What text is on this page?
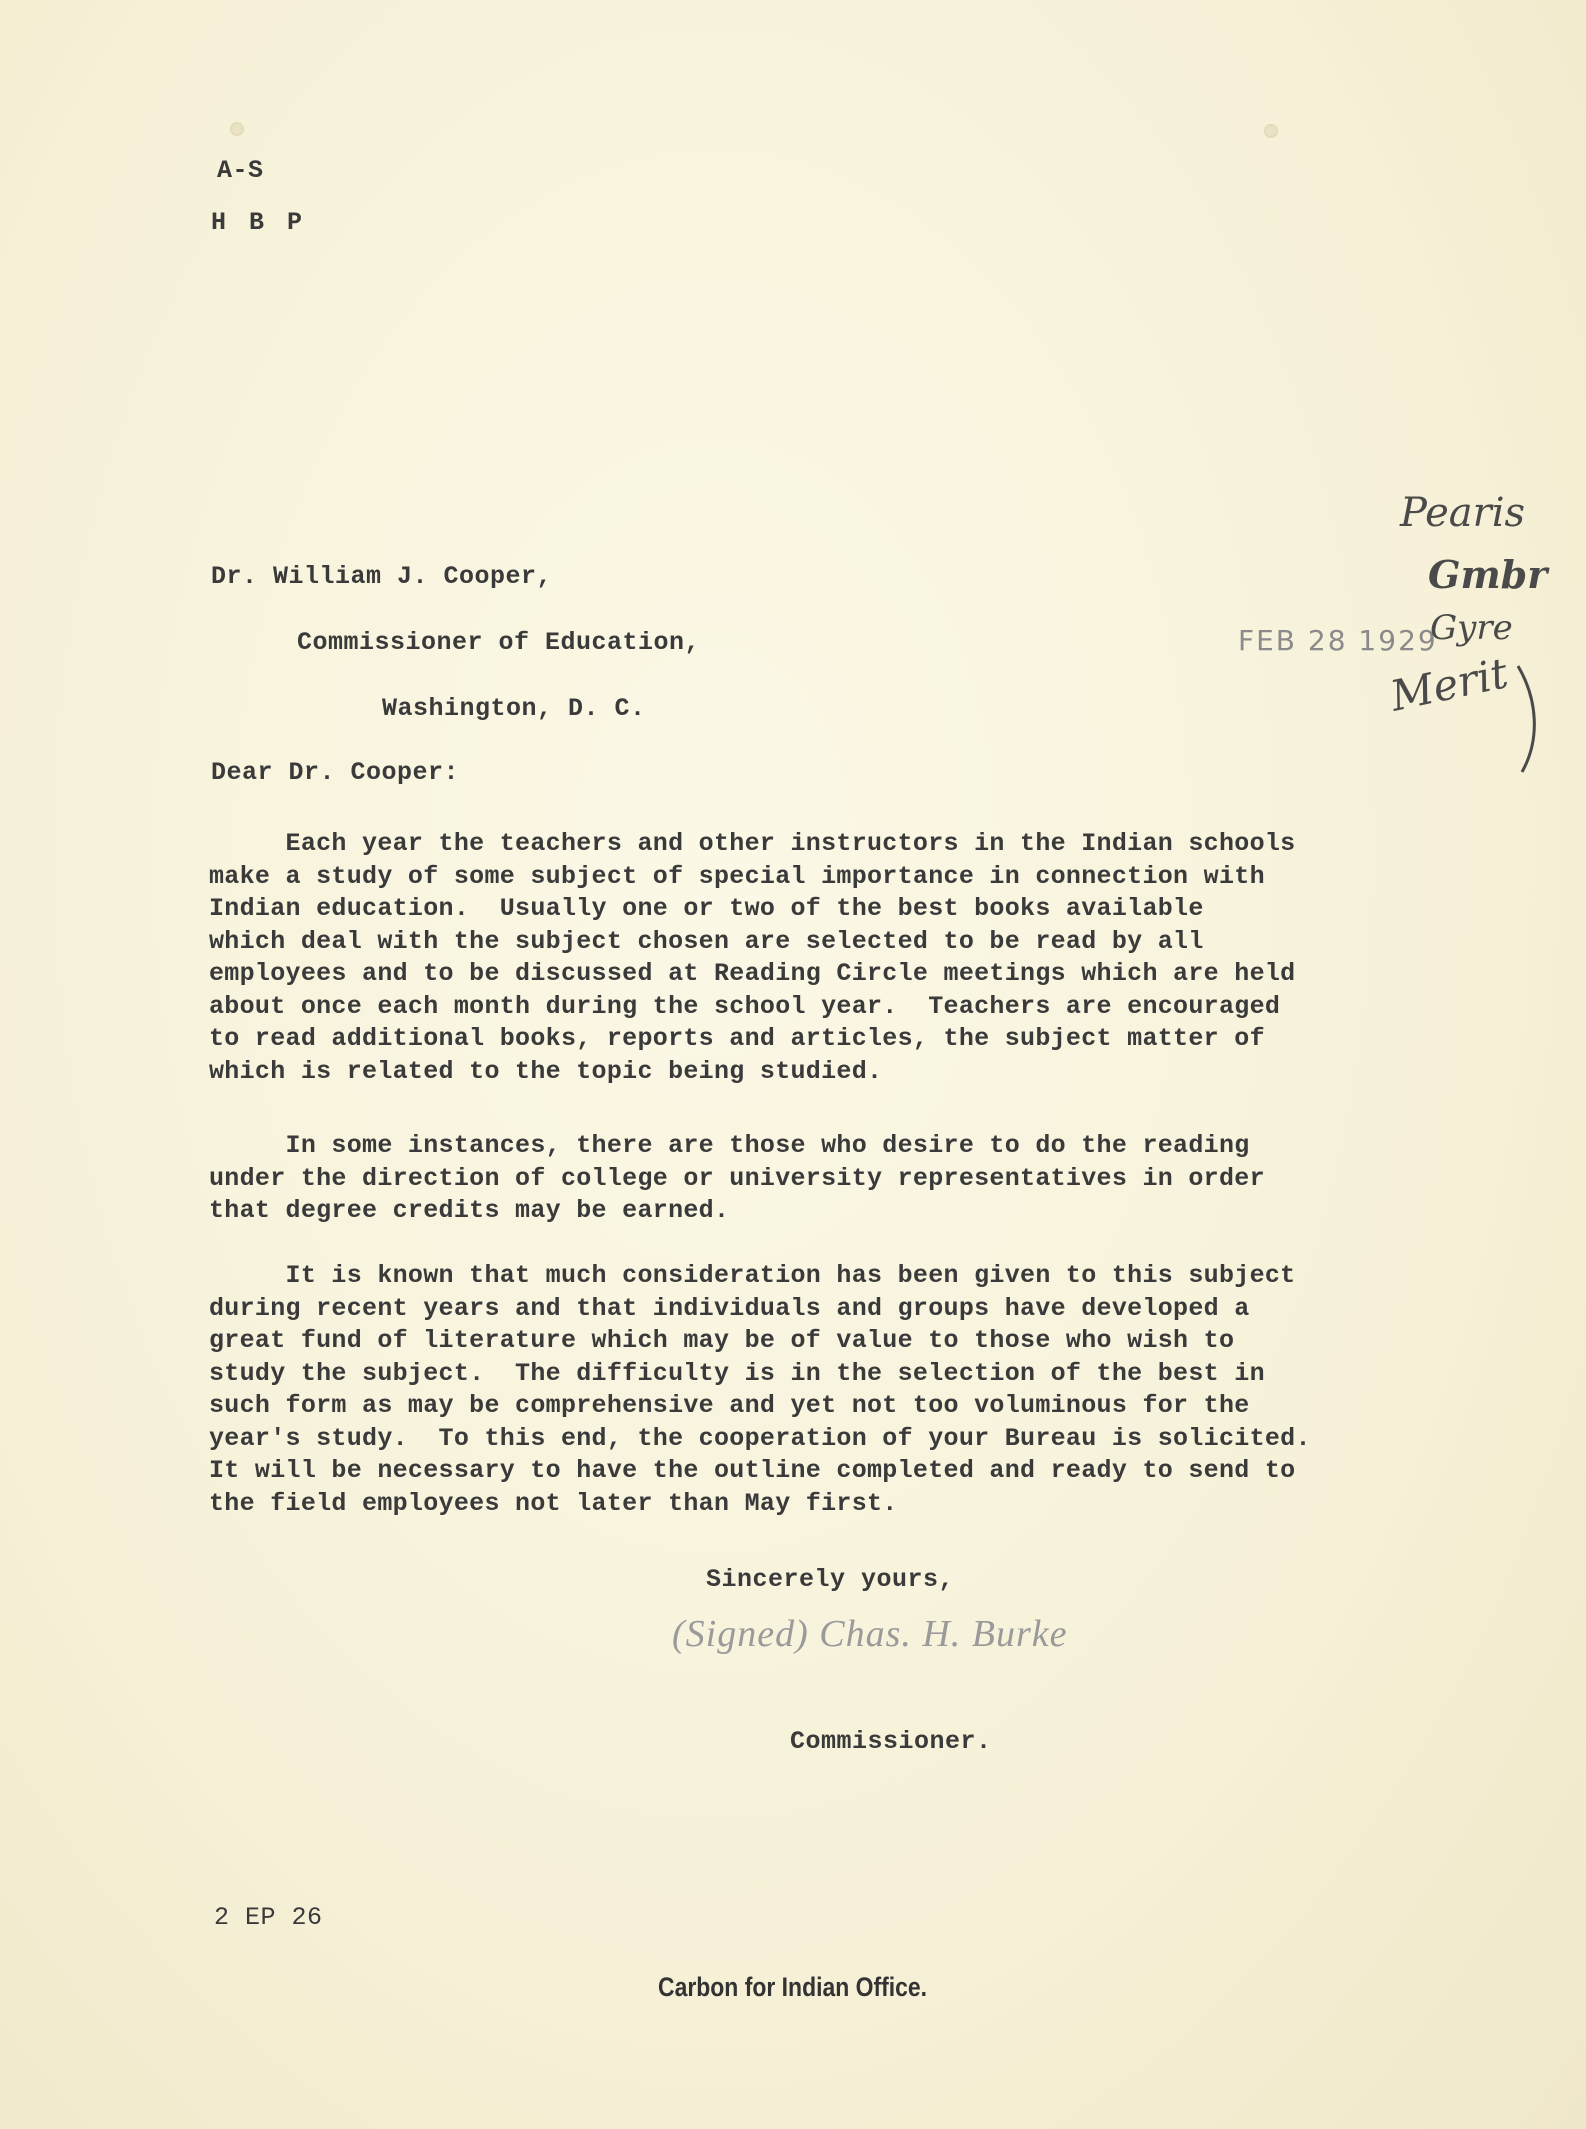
A-S
H B P
Dr. William J. Cooper,
Commissioner of Education,
Washington, D. C.
FEB 28 1929
Pearis
Gmbr
Gyre
Merit
Dear Dr. Cooper:
Each year the teachers and other instructors in the Indian schools
make a study of some subject of special importance in connection with
Indian education.  Usually one or two of the best books available
which deal with the subject chosen are selected to be read by all
employees and to be discussed at Reading Circle meetings which are held
about once each month during the school year.  Teachers are encouraged
to read additional books, reports and articles, the subject matter of
which is related to the topic being studied.
In some instances, there are those who desire to do the reading
under the direction of college or university representatives in order
that degree credits may be earned.
It is known that much consideration has been given to this subject
during recent years and that individuals and groups have developed a
great fund of literature which may be of value to those who wish to
study the subject.  The difficulty is in the selection of the best in
such form as may be comprehensive and yet not too voluminous for the
year's study.  To this end, the cooperation of your Bureau is solicited.
It will be necessary to have the outline completed and ready to send to
the field employees not later than May first.
Sincerely yours,
(Signed) Chas. H. Burke
Commissioner.
2 EP 26
Carbon for Indian Office.
